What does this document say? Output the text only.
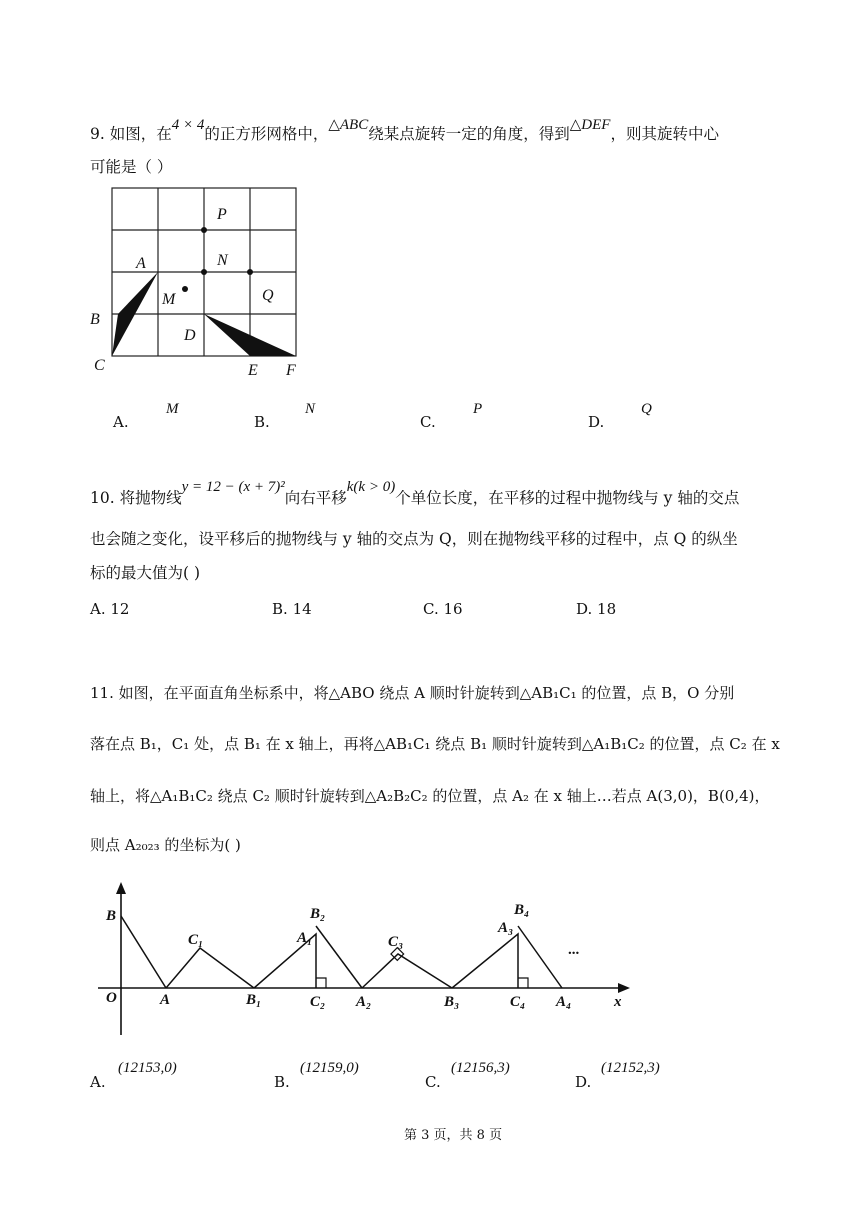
9. 如图，在4 × 4的正方形网格中，△ABC绕某点旋转一定的角度，得到△DEF，则其旋转中心
可能是（ ）
P
N
A
M	Q
B
D
C	E F
A.
M
B.
N
C.
P
D.
Q
10. 将抛物线y = 12 − (x + 7)²向右平移k(k > 0)个单位长度，在平移的过程中抛物线与 y 轴的交点
也会随之变化，设平移后的抛物线与 y 轴的交点为 Q，则在抛物线平移的过程中，点 Q 的纵坐
标的最大值为( )
A. 12	B. 14	C. 16	D. 18
11. 如图，在平面直角坐标系中，将△ABO 绕点 A 顺时针旋转到△AB₁C₁ 的位置，点 B，O 分别
落在点 B₁，C₁ 处，点 B₁ 在 x 轴上，再将△AB₁C₁ 绕点 B₁ 顺时针旋转到△A₁B₁C₂ 的位置，点 C₂ 在 x
轴上，将△A₁B₁C₂ 绕点 C₂ 顺时针旋转到△A₂B₂C₂ 的位置，点 A₂ 在 x 轴上…若点 A(3,0)，B(0,4)，
则点 A₂₀₂₃ 的坐标为( )
B
O	A
C₁
B₁
A₁
B₂
C₂ A₂
C₃
B₃
A₃
B₄
C₄ A₄	x
...
A.
(12153,0)
B.
(12159,0)
C.
(12156,3)
D.
(12152,3)
第 3 页，共 8 页
